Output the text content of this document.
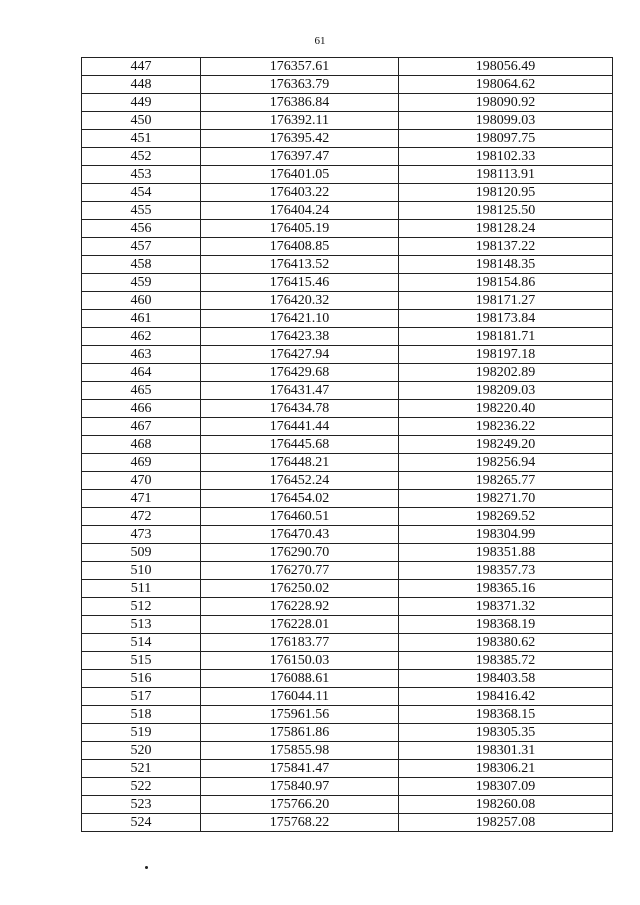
61
447	176357.61	198056.49
448	176363.79	198064.62
449	176386.84	198090.92
450	176392.11	198099.03
451	176395.42	198097.75
452	176397.47	198102.33
453	176401.05	198113.91
454	176403.22	198120.95
455	176404.24	198125.50
456	176405.19	198128.24
457	176408.85	198137.22
458	176413.52	198148.35
459	176415.46	198154.86
460	176420.32	198171.27
461	176421.10	198173.84
462	176423.38	198181.71
463	176427.94	198197.18
464	176429.68	198202.89
465	176431.47	198209.03
466	176434.78	198220.40
467	176441.44	198236.22
468	176445.68	198249.20
469	176448.21	198256.94
470	176452.24	198265.77
471	176454.02	198271.70
472	176460.51	198269.52
473	176470.43	198304.99
509	176290.70	198351.88
510	176270.77	198357.73
511	176250.02	198365.16
512	176228.92	198371.32
513	176228.01	198368.19
514	176183.77	198380.62
515	176150.03	198385.72
516	176088.61	198403.58
517	176044.11	198416.42
518	175961.56	198368.15
519	175861.86	198305.35
520	175855.98	198301.31
521	175841.47	198306.21
522	175840.97	198307.09
523	175766.20	198260.08
524	175768.22	198257.08
